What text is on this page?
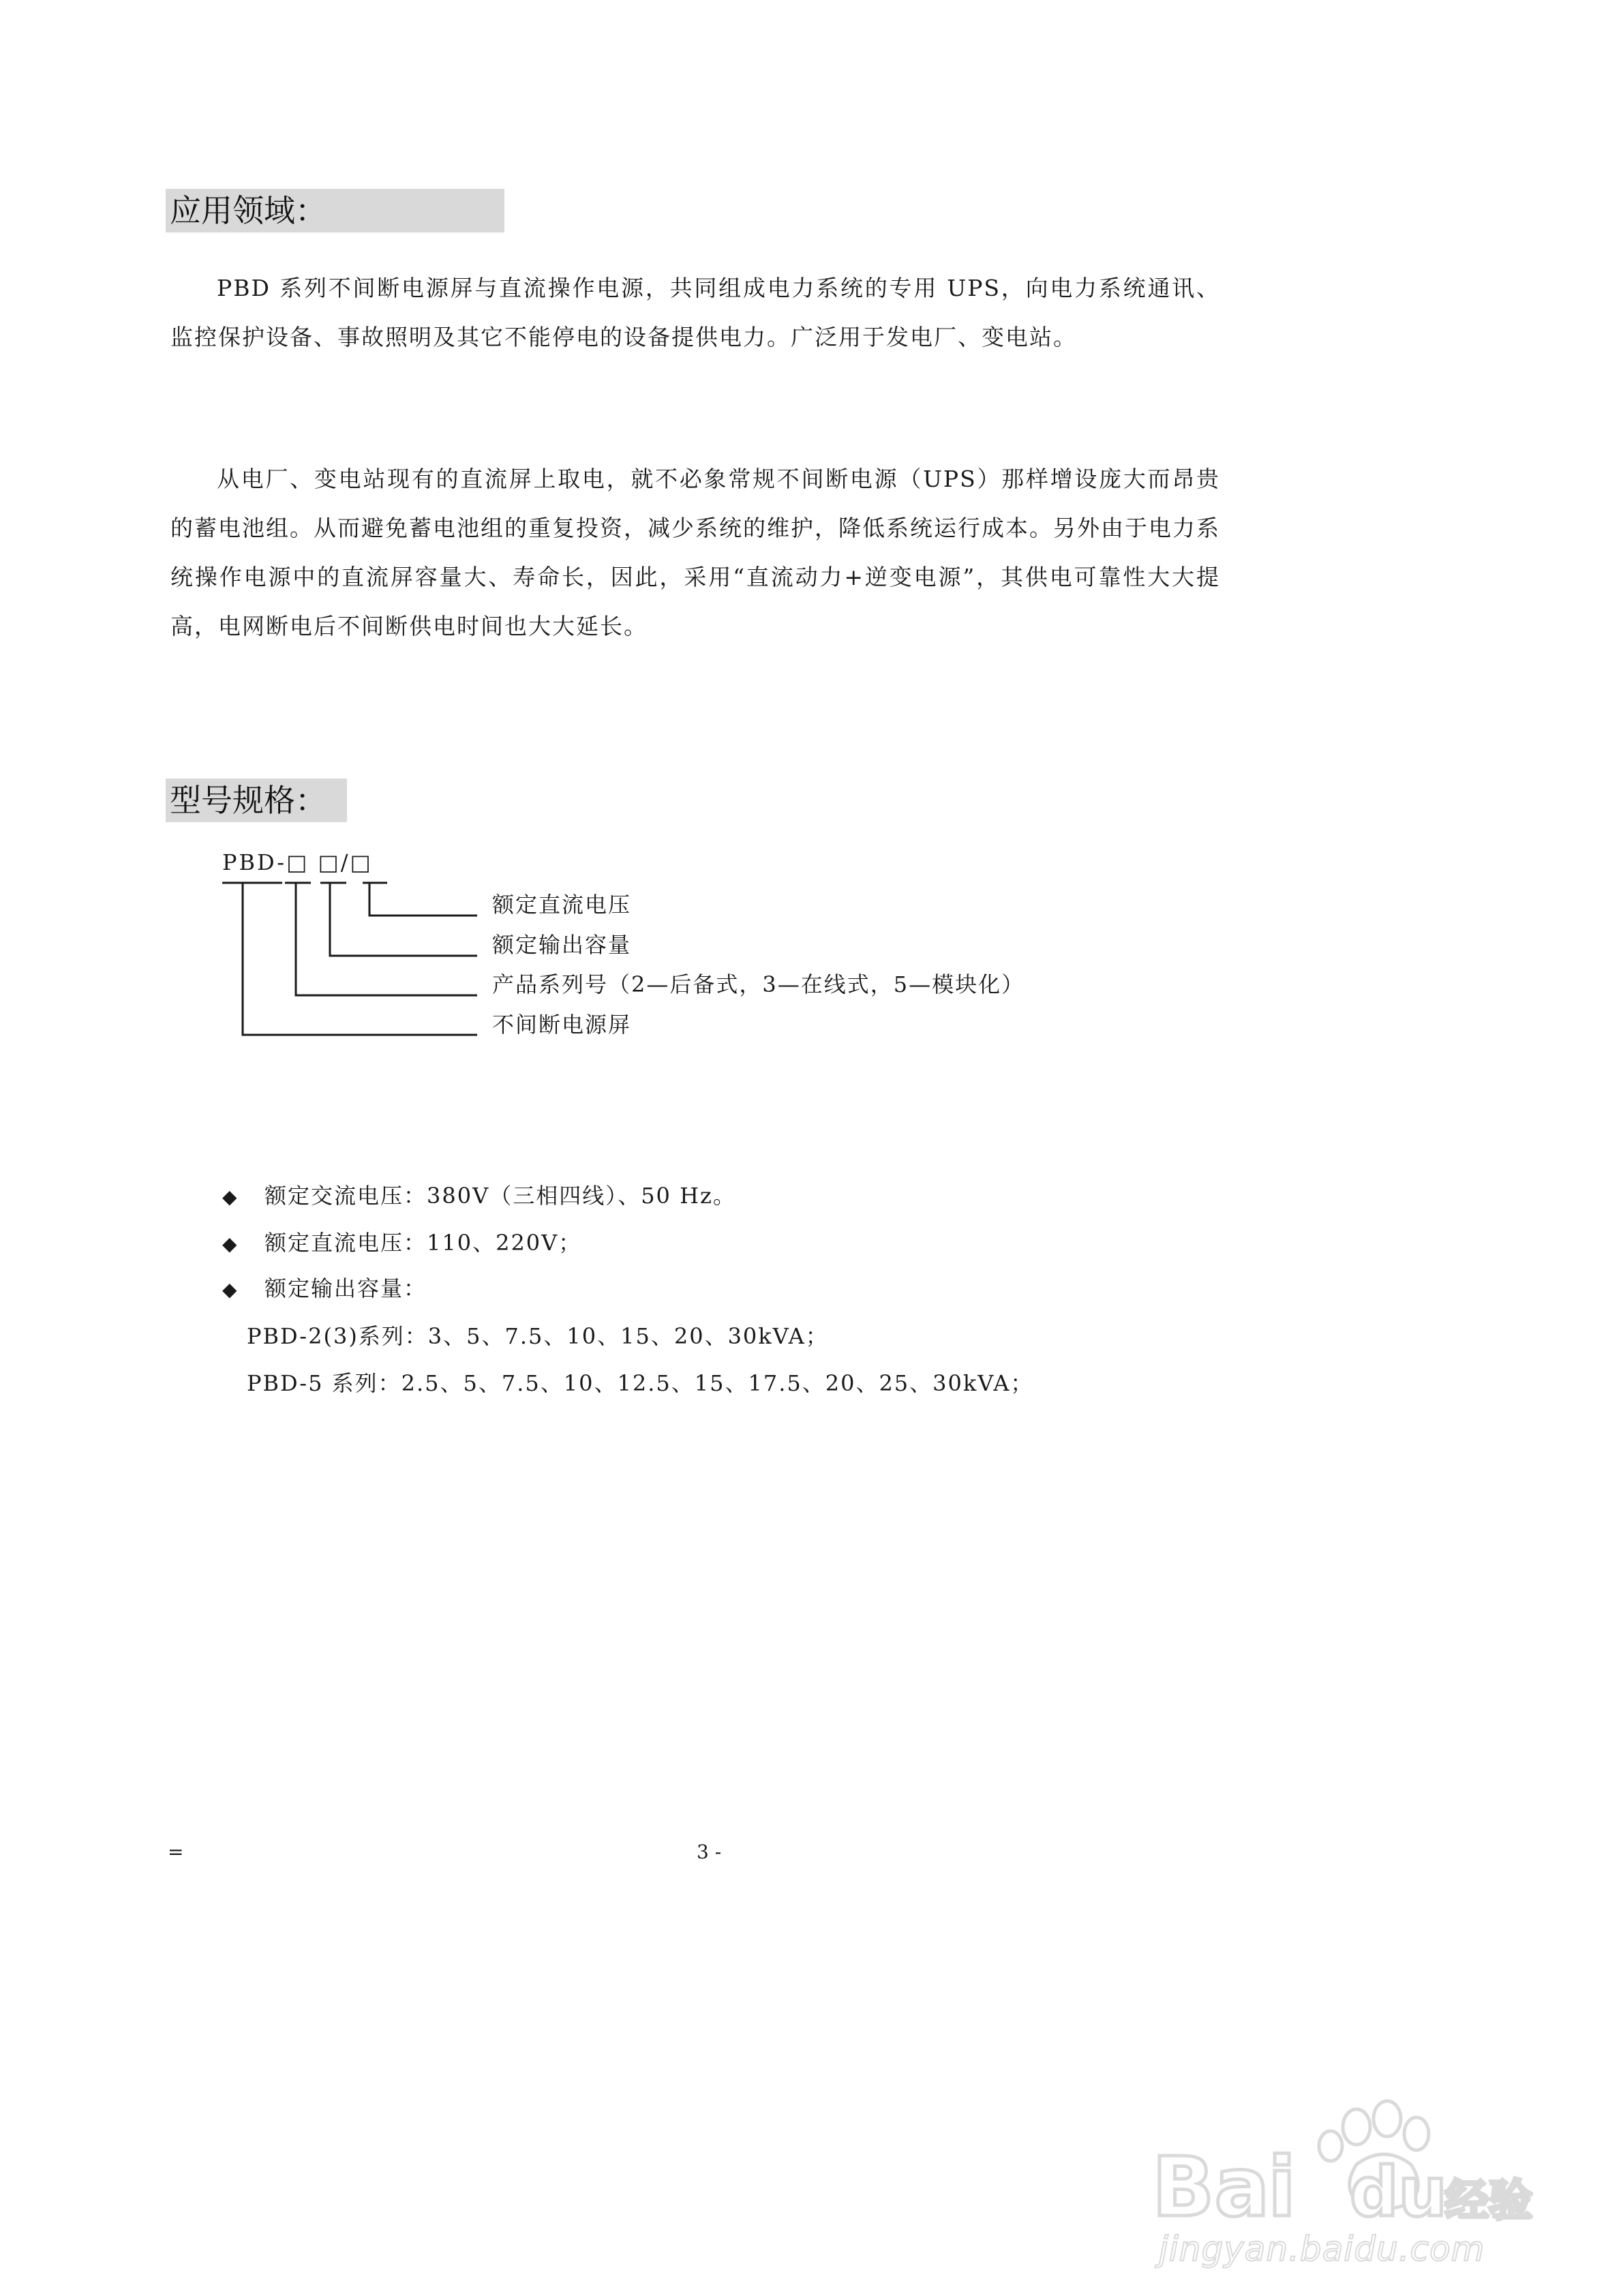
应用领域：

PBD 系列不间断电源屏与直流操作电源，共同组成电力系统的专用 UPS，向电力系统通讯、监控保护设备、事故照明及其它不能停电的设备提供电力。广泛用于发电厂、变电站。

从电厂、变电站现有的直流屏上取电，就不必象常规不间断电源（UPS）那样增设庞大而昂贵的蓄电池组。从而避免蓄电池组的重复投资，减少系统的维护，降低系统运行成本。另外由于电力系统操作电源中的直流屏容量大、寿命长，因此，采用“直流动力+逆变电源”，其供电可靠性大大提高，电网断电后不间断供电时间也大大延长。

型号规格：
PBD-□ □/□
额定直流电压
额定输出容量
产品系列号（2—后备式，3—在线式，5—模块化）
不间断电源屏
◆ 额定交流电压：380V（三相四线）、50 Hz。
◆ 额定直流电压：110、220V；
◆ 额定输出容量：
PBD-2(3)系列：3、5、7.5、10、15、20、30kVA；
PBD-5 系列：2.5、5、7.5、10、12.5、15、17.5、20、25、30kVA；
=	3 -
Ba
i du
经验
jingyan.baidu.com
